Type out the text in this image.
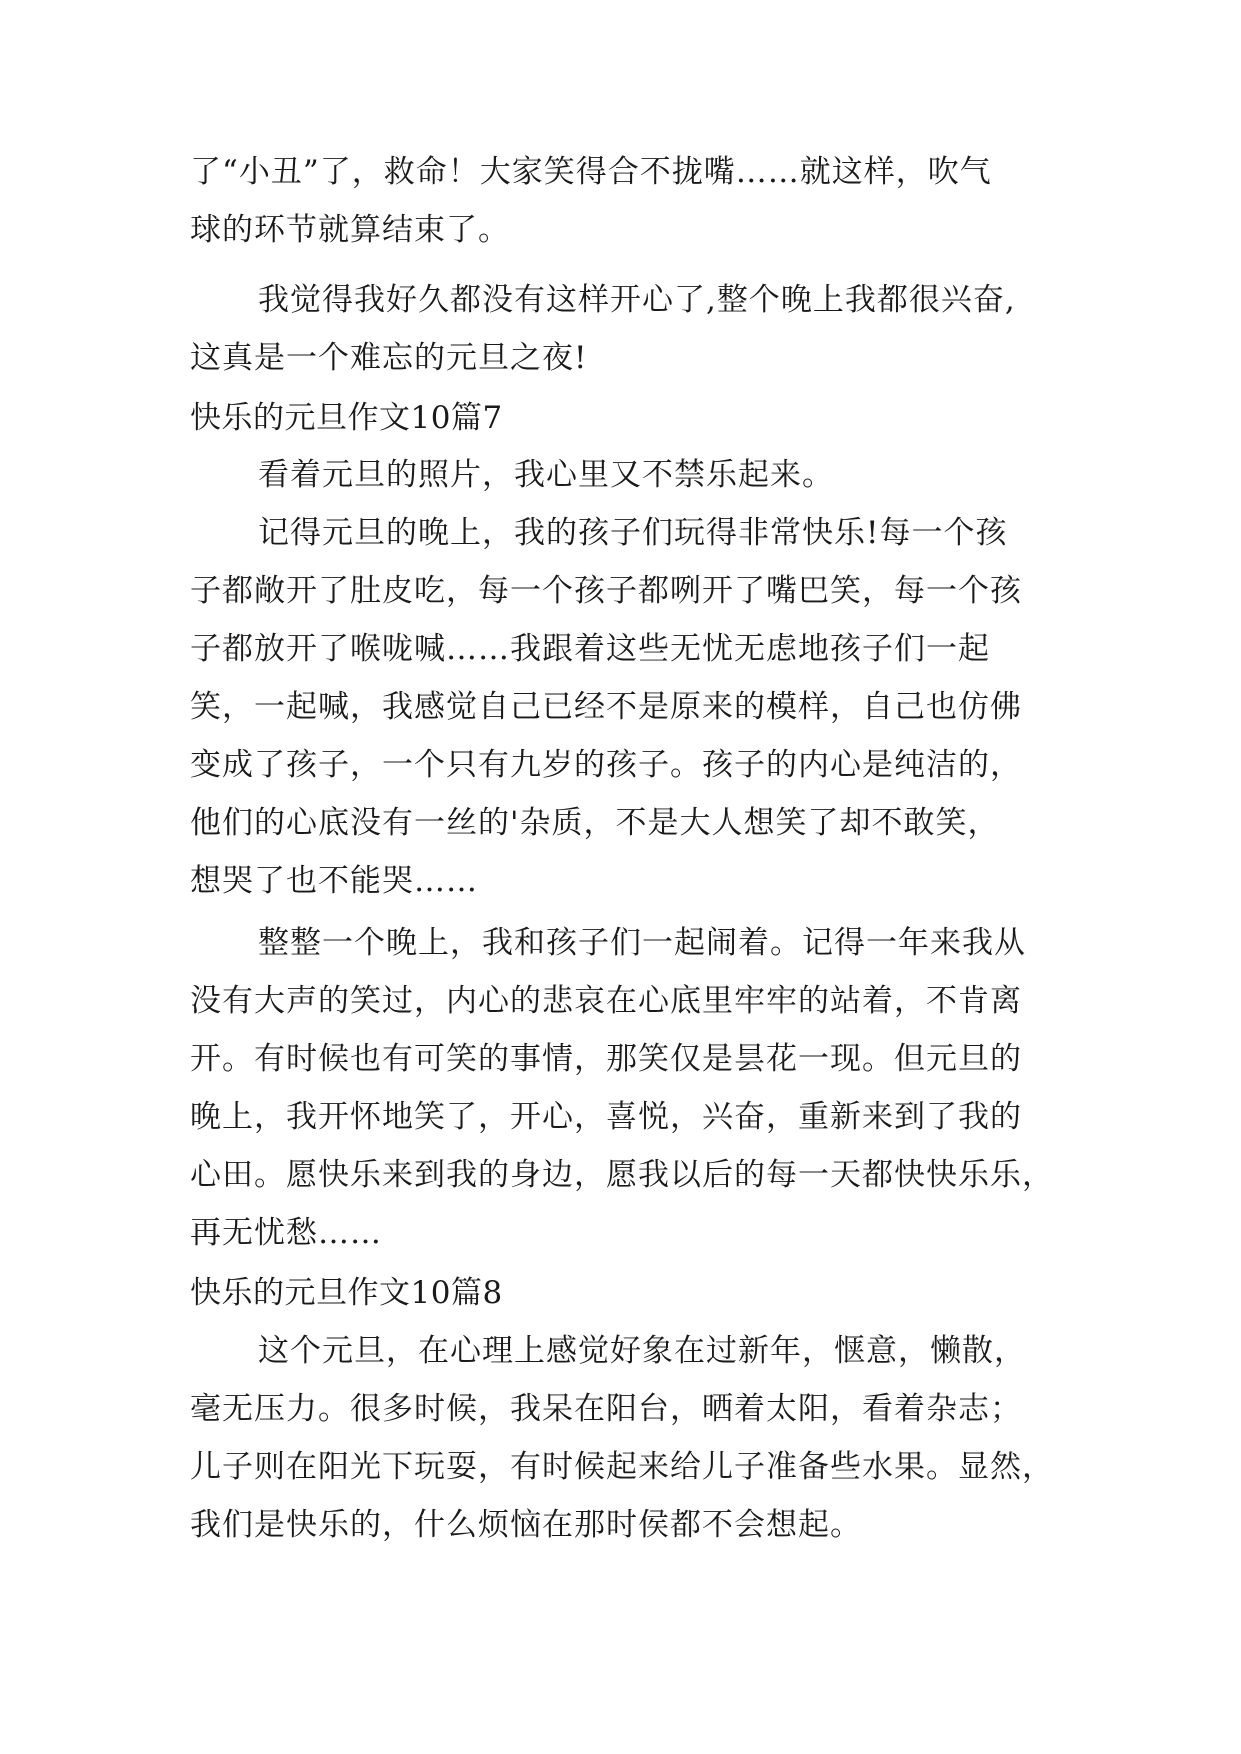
了“小丑”了，救命！大家笑得合不拢嘴……就这样，吹气
球的环节就算结束了。
我觉得我好久都没有这样开心了,整个晚上我都很兴奋,
这真是一个难忘的元旦之夜!
快乐的元旦作文10篇7
看着元旦的照片，我心里又不禁乐起来。
记得元旦的晚上，我的孩子们玩得非常快乐!每一个孩
子都敞开了肚皮吃，每一个孩子都咧开了嘴巴笑，每一个孩
子都放开了喉咙喊……我跟着这些无忧无虑地孩子们一起
笑，一起喊，我感觉自己已经不是原来的模样，自己也仿佛
变成了孩子，一个只有九岁的孩子。孩子的内心是纯洁的，
他们的心底没有一丝的'杂质，不是大人想笑了却不敢笑，
想哭了也不能哭……
整整一个晚上，我和孩子们一起闹着。记得一年来我从
没有大声的笑过，内心的悲哀在心底里牢牢的站着，不肯离
开。有时候也有可笑的事情，那笑仅是昙花一现。但元旦的
晚上，我开怀地笑了，开心，喜悦，兴奋，重新来到了我的
心田。愿快乐来到我的身边，愿我以后的每一天都快快乐乐，
再无忧愁……
快乐的元旦作文10篇8
这个元旦，在心理上感觉好象在过新年，惬意，懒散，
毫无压力。很多时候，我呆在阳台，晒着太阳，看着杂志；
儿子则在阳光下玩耍，有时候起来给儿子准备些水果。显然，
我们是快乐的，什么烦恼在那时侯都不会想起。
